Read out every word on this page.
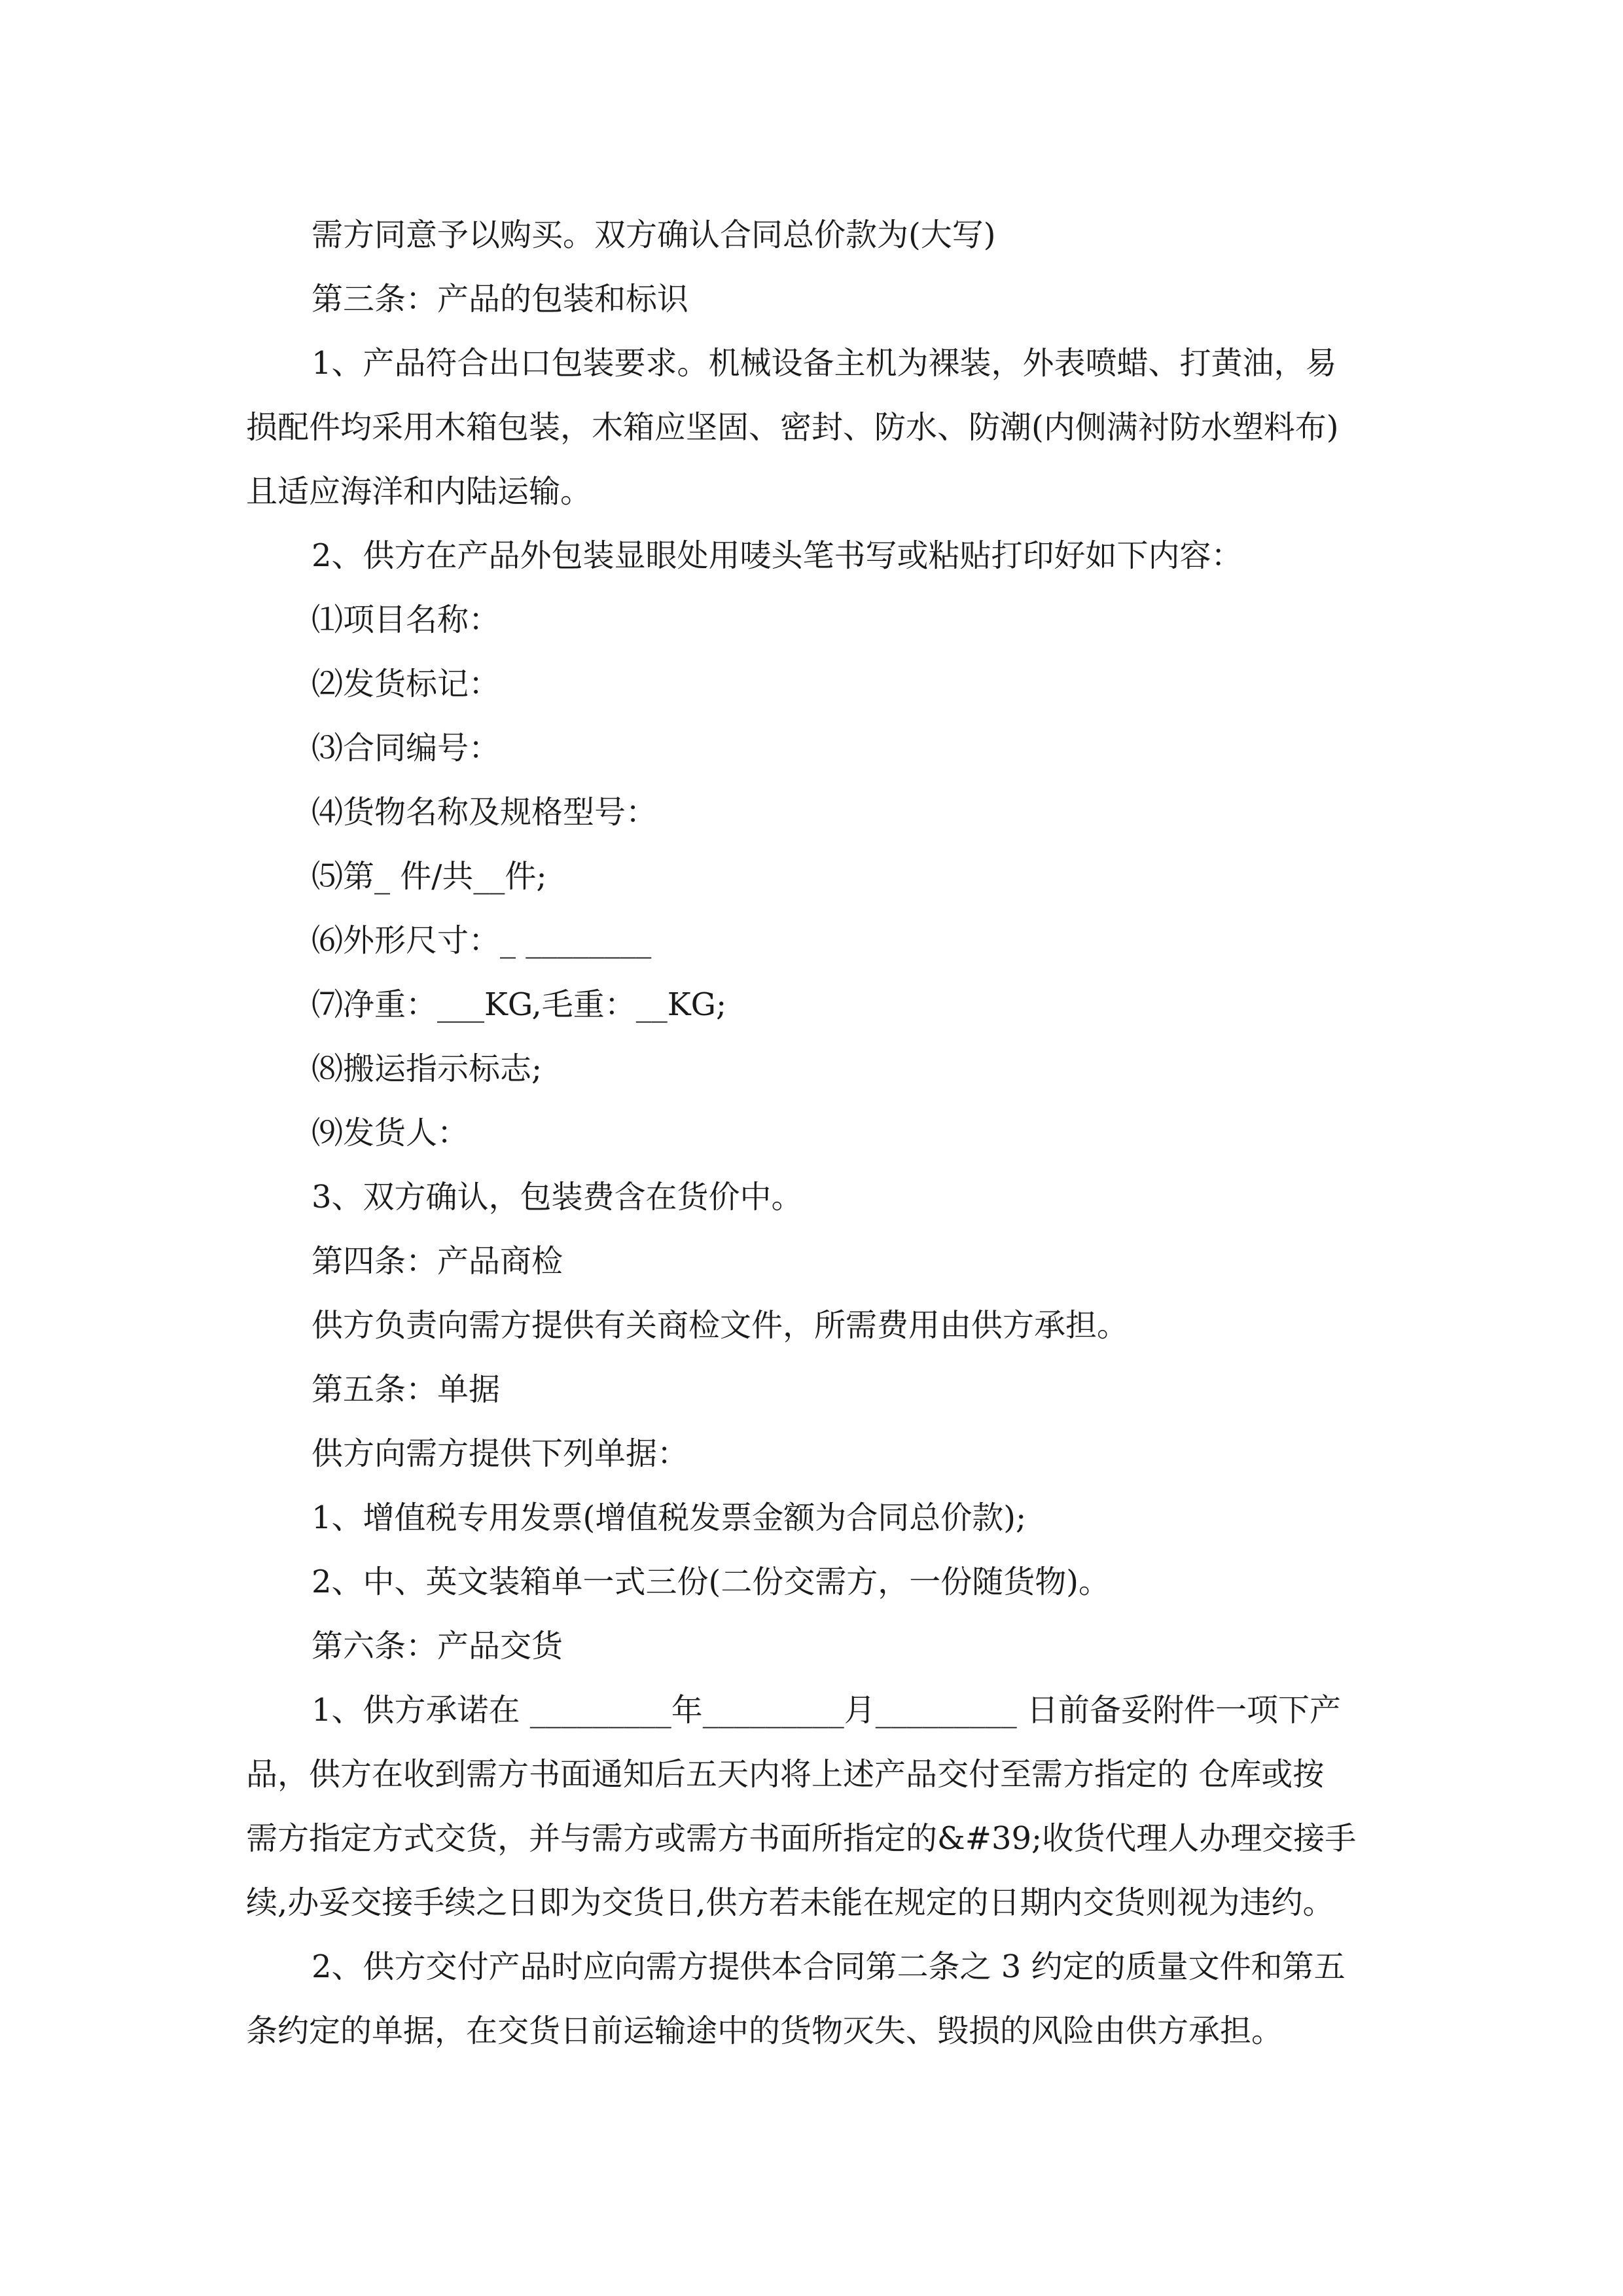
需方同意予以购买。双方确认合同总价款为(大写)
第三条：产品的包装和标识
1、产品符合出口包装要求。机械设备主机为裸装，外表喷蜡、打黄油，易
损配件均采用木箱包装，木箱应坚固、密封、防水、防潮(内侧满衬防水塑料布)
且适应海洋和内陆运输。
2、供方在产品外包装显眼处用唛头笔书写或粘贴打印好如下内容：
⑴项目名称：
⑵发货标记：
⑶合同编号：
⑷货物名称及规格型号：
⑸第_ 件/共__件;
⑹外形尺寸：_ ________
⑺净重：___KG,毛重：__KG;
⑻搬运指示标志;
⑼发货人：
3、双方确认，包装费含在货价中。
第四条：产品商检
供方负责向需方提供有关商检文件，所需费用由供方承担。
第五条：单据
供方向需方提供下列单据：
1、增值税专用发票(增值税发票金额为合同总价款);
2、中、英文装箱单一式三份(二份交需方，一份随货物)。
第六条：产品交货
1、供方承诺在 _________年_________月_________ 日前备妥附件一项下产
品，供方在收到需方书面通知后五天内将上述产品交付至需方指定的 仓库或按
需方指定方式交货，并与需方或需方书面所指定的&#39;收货代理人办理交接手
续,办妥交接手续之日即为交货日,供方若未能在规定的日期内交货则视为违约。
2、供方交付产品时应向需方提供本合同第二条之 3 约定的质量文件和第五
条约定的单据，在交货日前运输途中的货物灭失、毁损的风险由供方承担。
